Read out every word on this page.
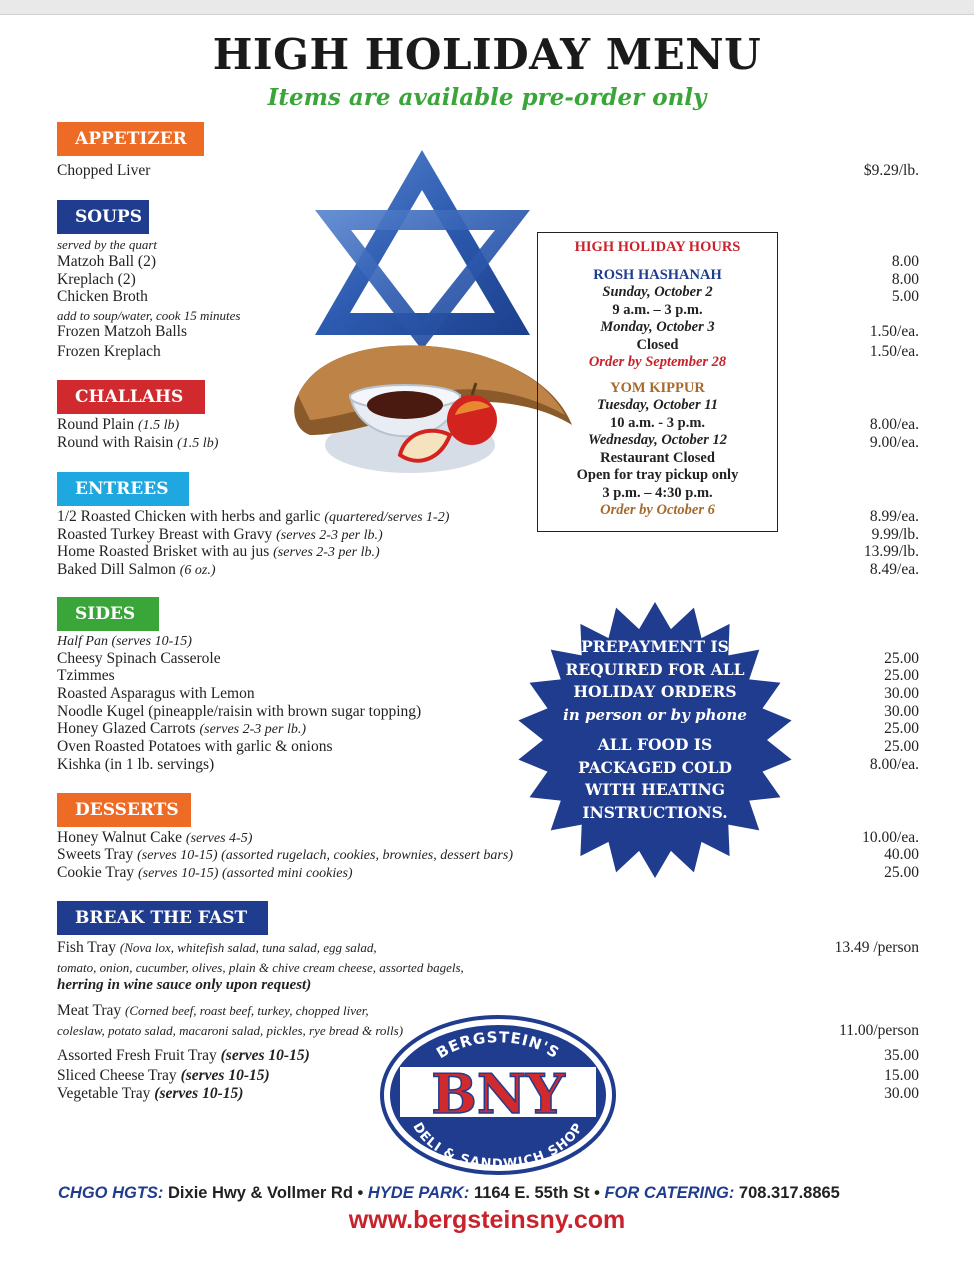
HIGH HOLIDAY MENU
Items are available pre-order only
APPETIZER
Chopped Liver	$9.29/lb.
SOUPS
served by the quart
Matzoh Ball (2)	8.00
Kreplach (2)	8.00
Chicken Broth	5.00
add to soup/water, cook 15 minutes
Frozen Matzoh Balls	1.50/ea.
Frozen Kreplach	1.50/ea.
CHALLAHS
Round Plain (1.5 lb)	8.00/ea.
Round with Raisin (1.5 lb)	9.00/ea.
ENTREES
1/2 Roasted Chicken with herbs and garlic (quartered/serves 1-2)	8.99/ea.
Roasted Turkey Breast with Gravy (serves 2-3 per lb.)	9.99/lb.
Home Roasted Brisket with au jus (serves 2-3 per lb.)	13.99/lb.
Baked Dill Salmon (6 oz.)	8.49/ea.
SIDES
Half Pan (serves 10-15)
Cheesy Spinach Casserole	25.00
Tzimmes	25.00
Roasted Asparagus with Lemon	30.00
Noodle Kugel (pineapple/raisin with brown sugar topping)	30.00
Honey Glazed Carrots (serves 2-3 per lb.)	25.00
Oven Roasted Potatoes with garlic & onions	25.00
Kishka (in 1 lb. servings)	8.00/ea.
DESSERTS
Honey Walnut Cake (serves 4-5)	10.00/ea.
Sweets Tray (serves 10-15) (assorted rugelach, cookies, brownies, dessert bars)	40.00
Cookie Tray (serves 10-15) (assorted mini cookies)	25.00
BREAK THE FAST
Fish Tray (Nova lox, whitefish salad, tuna salad, egg salad,	13.49 /person
tomato, onion, cucumber, olives, plain & chive cream cheese, assorted bagels,
herring in wine sauce only upon request)
Meat Tray (Corned beef, roast beef, turkey, chopped liver,
coleslaw, potato salad, macaroni salad, pickles, rye bread & rolls)	11.00/person
Assorted Fresh Fruit Tray (serves 10-15)	35.00
Sliced Cheese Tray (serves 10-15)	15.00
Vegetable Tray (serves 10-15)	30.00
HIGH HOLIDAY HOURS
ROSH HASHANAH
Sunday, October 2
9 a.m. – 3 p.m.
Monday, October 3
Closed
Order by September 28
YOM KIPPUR
Tuesday, October 11
10 a.m. - 3 p.m.
Wednesday, October 12
Restaurant Closed
Open for tray pickup only
3 p.m. – 4:30 p.m.
Order by October 6
PREPAYMENT IS
REQUIRED FOR ALL
HOLIDAY ORDERS
in person or by phone
ALL FOOD IS
PACKAGED COLD
WITH HEATING
INSTRUCTIONS.
BERGSTEIN'S
BNY
DELI & SANDWICH SHOP
CHGO HGTS: Dixie Hwy & Vollmer Rd • HYDE PARK: 1164 E. 55th St • FOR CATERING: 708.317.8865
www.bergsteinsny.com
